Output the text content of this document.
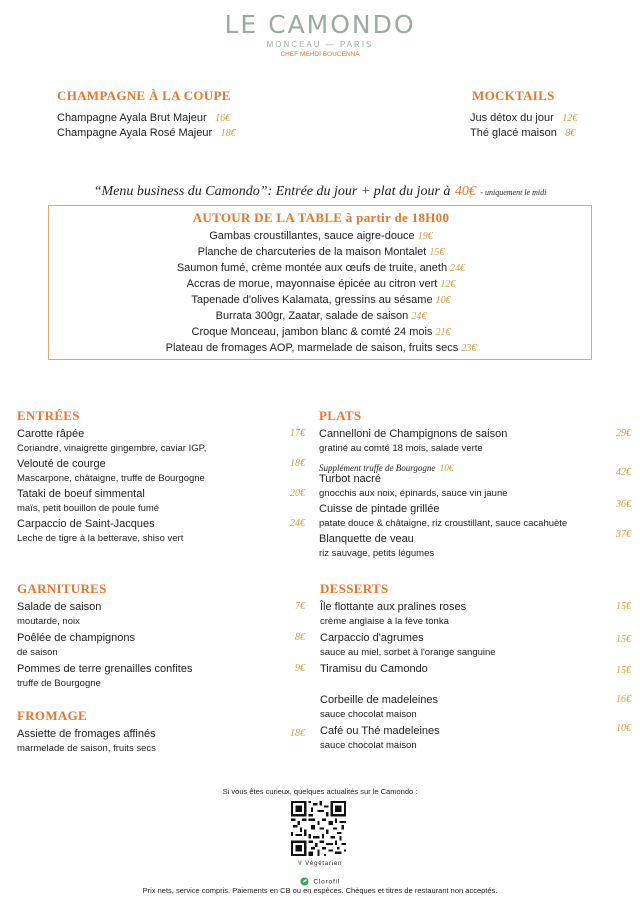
LE CAMONDO
MONCEAU — PARIS
CHEF MEHDI BOUCENNA
CHAMPAGNE À LA COUPE
Champagne Ayala Brut Majeur 16€
Champagne Ayala Rosé Majeur 18€
MOCKTAILS
Jus détox du jour 12€
Thé glacé maison 8€
“Menu business du Camondo”: Entrée du jour + plat du jour à 40€ - uniquement le midi
AUTOUR DE LA TABLE à partir de 18H00
Gambas croustillantes, sauce aigre-douce 19€
Planche de charcuteries de la maison Montalet 15€
Saumon fumé, crème montée aux œufs de truite, aneth 24€
Accras de morue, mayonnaise épicée au citron vert 12€
Tapenade d'olives Kalamata, gressins au sésame 10€
Burrata 300gr, Zaatar, salade de saison 24€
Croque Monceau, jambon blanc & comté 24 mois 21€
Plateau de fromages AOP, marmelade de saison, fruits secs 23€
ENTRÉES
Carotte râpée
Coriandre, vinaigrette gingembre, caviar IGP,
17€
Velouté de courge
Mascarpone, châtaigne, truffe de Bourgogne
18€
Tataki de boeuf simmental
maïs, petit bouillon de poule fumé
20€
Carpaccio de Saint-Jacques
Leche de tigre à la betterave, shiso vert
24€
PLATS
Cannelloni de Champignons de saison
gratiné au comté 18 mois, salade verte
29€
Supplément truffe de Bourgogne 10€
Turbot nacré
gnocchis aux noix, épinards, sauce vin jaune
42€
Cuisse de pintade grillée
patate douce & châtaigne, riz croustillant, sauce cacahuète
36€
Blanquette de veau
riz sauvage, petits légumes
37€
GARNITURES
Salade de saison
moutarde, noix
7€
Poêlée de champignons
de saison
8€
Pommes de terre grenailles confites
truffe de Bourgogne
9€
FROMAGE
Assiette de fromages affinés
marmelade de saison, fruits secs
18€
DESSERTS
Île flottante aux pralines roses
crème anglaise à la fève tonka
15€
Carpaccio d'agrumes
sauce au miel, sorbet à l'orange sanguine
15€
Tiramisu du Camondo	15€
Corbeille de madeleines
sauce chocolat maison
16€
Café ou Thé madeleines
sauce chocolat maison
10€
Si vous êtes curieux, quelques actualités sur le Camondo :
V Végétarien
Clorofil
Prix nets, service compris. Paiements en CB ou en espèces. Chèques et titres de restaurant non acceptés.
